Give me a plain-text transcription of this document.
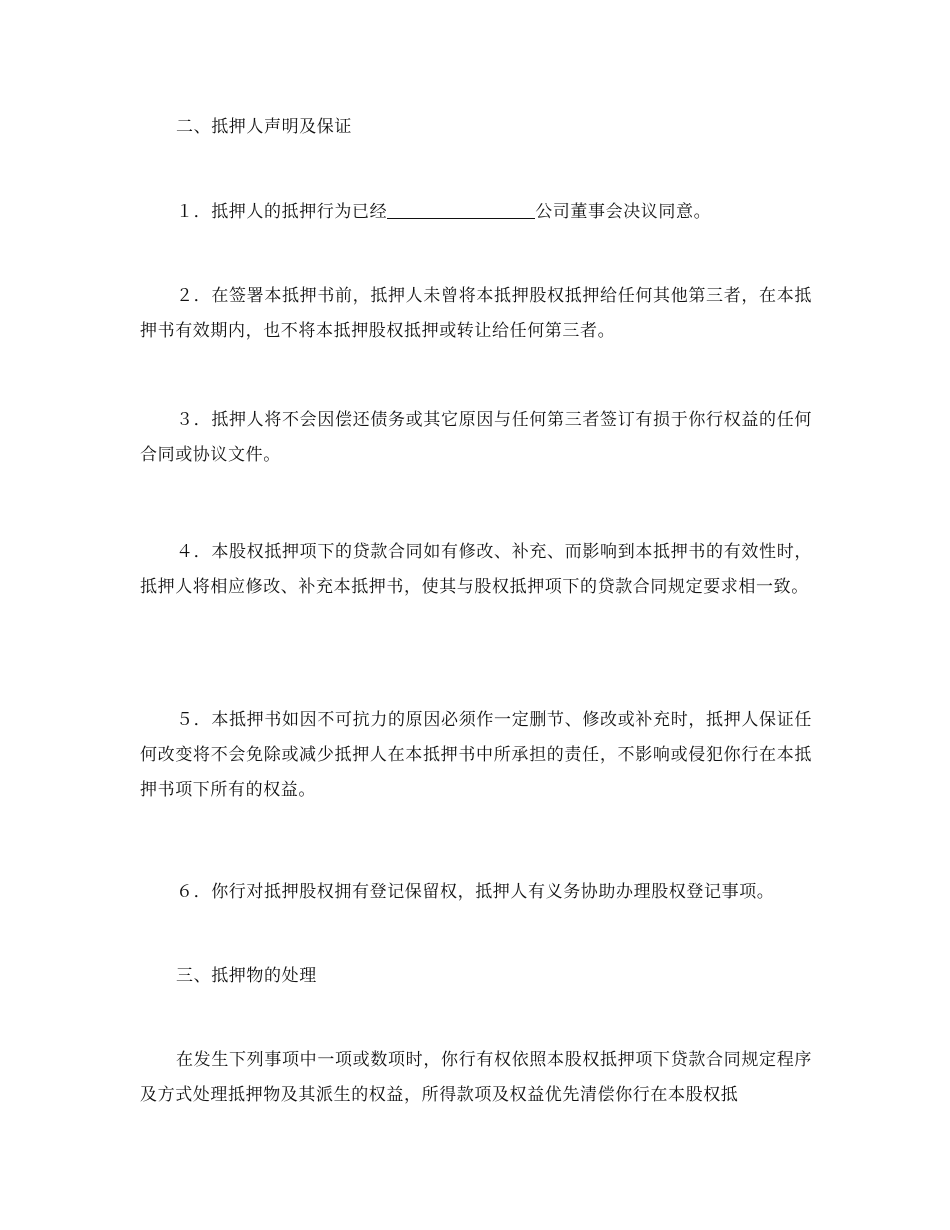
二、抵押人声明及保证

１．抵押人的抵押行为已经	公司董事会决议同意。

２．在签署本抵押书前，抵押人未曾将本抵押股权抵押给任何其他第三者，在本抵押书有效期内，也不将本抵押股权抵押或转让给任何第三者。

３．抵押人将不会因偿还债务或其它原因与任何第三者签订有损于你行权益的任何合同或协议文件。

４．本股权抵押项下的贷款合同如有修改、补充、而影响到本抵押书的有效性时，抵押人将相应修改、补充本抵押书，使其与股权抵押项下的贷款合同规定要求相一致。

５．本抵押书如因不可抗力的原因必须作一定删节、修改或补充时，抵押人保证任何改变将不会免除或减少抵押人在本抵押书中所承担的责任，不影响或侵犯你行在本抵押书项下所有的权益。

６．你行对抵押股权拥有登记保留权，抵押人有义务协助办理股权登记事项。

三、抵押物的处理

在发生下列事项中一项或数项时，你行有权依照本股权抵押项下贷款合同规定程序及方式处理抵押物及其派生的权益，所得款项及权益优先清偿你行在本股权抵
